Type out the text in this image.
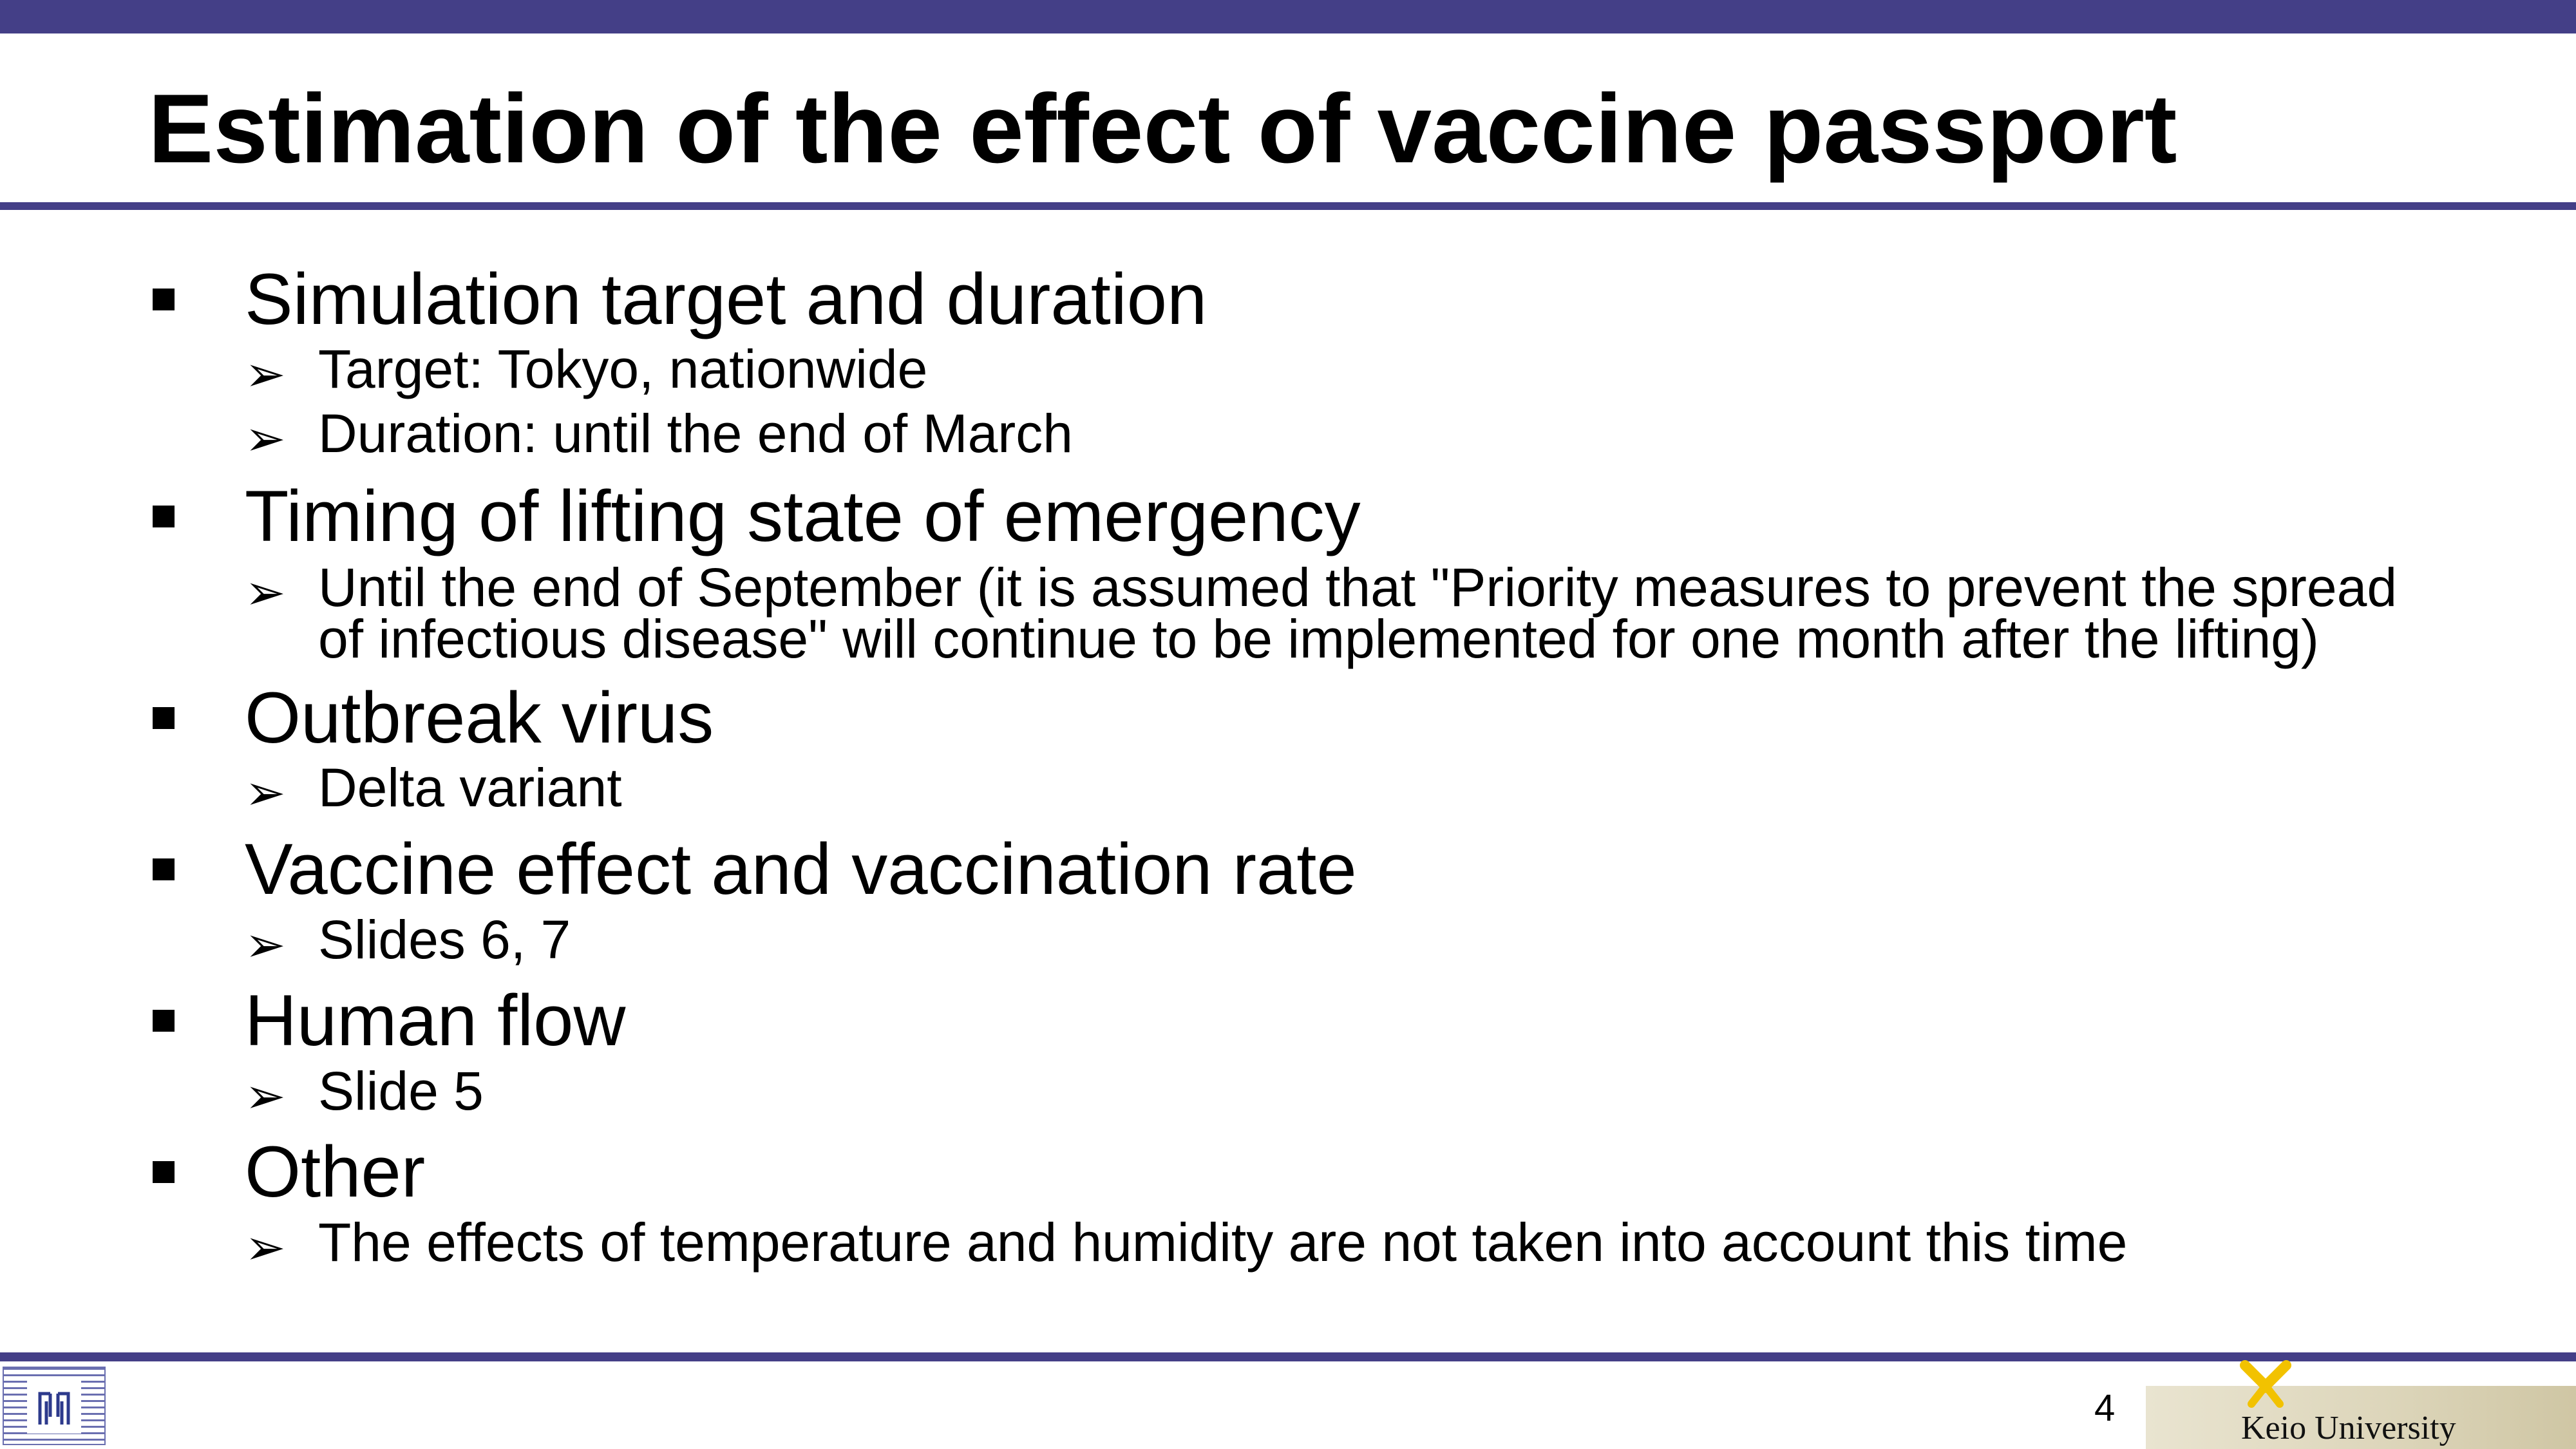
Estimation of the effect of vaccine passport
Simulation target and duration
➢ Target: Tokyo, nationwide
➢ Duration: until the end of March
Timing of lifting state of emergency
➢ Until the end of September (it is assumed that "Priority measures to prevent the spread of infectious disease" will continue to be implemented for one month after the lifting)
Outbreak virus
➢ Delta variant
Vaccine effect and vaccination rate
➢ Slides 6, 7
Human flow
➢ Slide 5
Other
➢ The effects of temperature and humidity are not taken into account this time
4	Keio University
